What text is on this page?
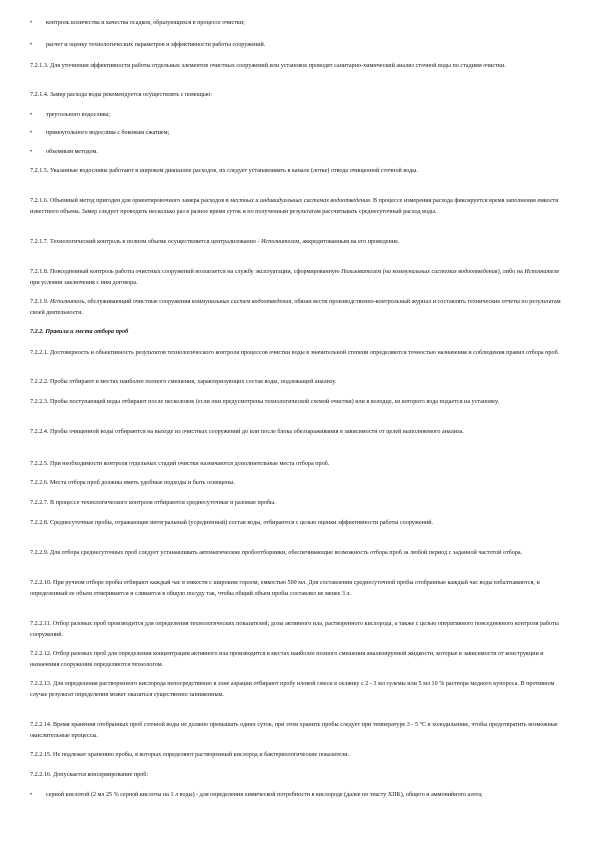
•	контроль количества и качества осадков, образующихся в процессе очистки;
•	расчет и оценку технологических параметров и эффективности работы сооружений.

7.2.1.3. Для уточнения эффективности работы отдельных элементов очистных сооружений или установок проводят санитарно-химический анализ сточной воды по стадиям очистки.

7.2.1.4. Замер расхода воды рекомендуется осуществлять с помощью:

•	треугольного водослива;
•	прямоугольного водослива с боковым сжатием;
•	объемным методом.

7.2.1.5. Указанные водосливы работают в широком диапазоне расходов, их следует устанавливать в канале (лотке) отвода очищенной сточной воды.

7.2.1.6. Объемный метод пригоден для ориентировочного замера расходов в местных и индивидуальных системах водоотведения. В процессе измерения расхода фиксируется время заполнения емкости известного объема. Замер следует проводить несколько раз в разное время суток и по полученным результатам рассчитывать среднесуточный расход воды.

7.2.1.7. Технологический контроль в полном объеме осуществляется централизованно - Исполнителем, аккредитованным на его проведение.

7.2.1.8. Повседневный контроль работы очистных сооружений возлагается на службу эксплуатации, сформированную Пользователем (на коммунальных системах водоотведения), либо на Исполнителя при условии заключения с ним договора.

7.2.1.9. Исполнитель, обслуживающий очистные сооружения коммунальных систем водоотведения, обязан вести производственно-контрольный журнал и составлять технические отчеты по результатам своей деятельности.

7.2.2. Правила и места отбора проб

7.2.2.1. Достоверность и объективность результатов технологического контроля процессов очистки воды в значительной степени определяются точностью назначения и соблюдения правил отбора проб.

7.2.2.2. Пробы отбирают в местах наиболее полного смешения, характеризующих состав воды, подлежащей анализу.

7.2.2.3. Пробы поступающей воды отбирают после песколовок (если они предусмотрены технологической схемой очистки) или в колодце, из которого вода подается на установку.

7.2.2.4. Пробы очищенной воды отбираются на выходе из очистных сооружений до или после блока обеззараживания в зависимости от целей выполняемого анализа.

7.2.2.5. При необходимости контроля отдельных стадий очистки назначаются дополнительные места отбора проб.

7.2.2.6. Места отбора проб должны иметь удобные подходы и быть освещены.

7.2.2.7. В процессе технологического контроля отбираются среднесуточные и разовые пробы.

7.2.2.8. Среднесуточные пробы, отражающие интегральный (усредненный) состав воды, отбираются с целью оценки эффективности работы сооружений.

7.2.2.9. Для отбора среднесуточных проб следует устанавливать автоматические пробоотборники, обеспечивающие возможность отбора проб за любой период с заданной частотой отбора.

7.2.2.10. При ручном отборе пробы отбирают каждый час в емкости с широким горлом, емкостью 500 мл. Для составления среднесуточной пробы отобранные каждый час воды взбалтываются, и определенный ее объем отмеривается и сливается в общую посуду так, чтобы общий объем пробы составлял не менее 3 л.

7.2.2.11. Отбор разовых проб производится для определения технологических показателей; дозы активного ила, растворенного кислорода, а также с целью оперативного повседневного контроля работы сооружений.

7.2.2.12. Отбор разовых проб для определения концентрации активного ила производится в местах наиболее полного смешения анализируемой жидкости, которые в зависимости от конструкции и назначения сооружения определяются технологом.

7.2.2.13. Для определения растворенного кислорода непосредственно в зоне аэрации отбирают пробу иловой смеси в склянку с 2 - 3 мл сулемы или 5 мл 10 % раствора медного купороса. В противном случае результат определения может оказаться существенно заниженным.

7.2.2.14. Время хранения отобранных проб сточной воды не должно превышать одних суток, при этом хранить пробы следует при температуре 3 - 5 °С в холодильнике, чтобы предотвратить возможные окислительные процессы.

7.2.2.15. Не подлежат хранению пробы, в которых определяют растворенный кислород и бактериологические показатели.

7.2.2.16. Допускается консервирование проб:

•	серной кислотой (2 мл 25 % серной кислоты на 1 л воды) - для определения химической потребности в кислороде (далее по тексту ХПК), общего и аммонийного азота;
